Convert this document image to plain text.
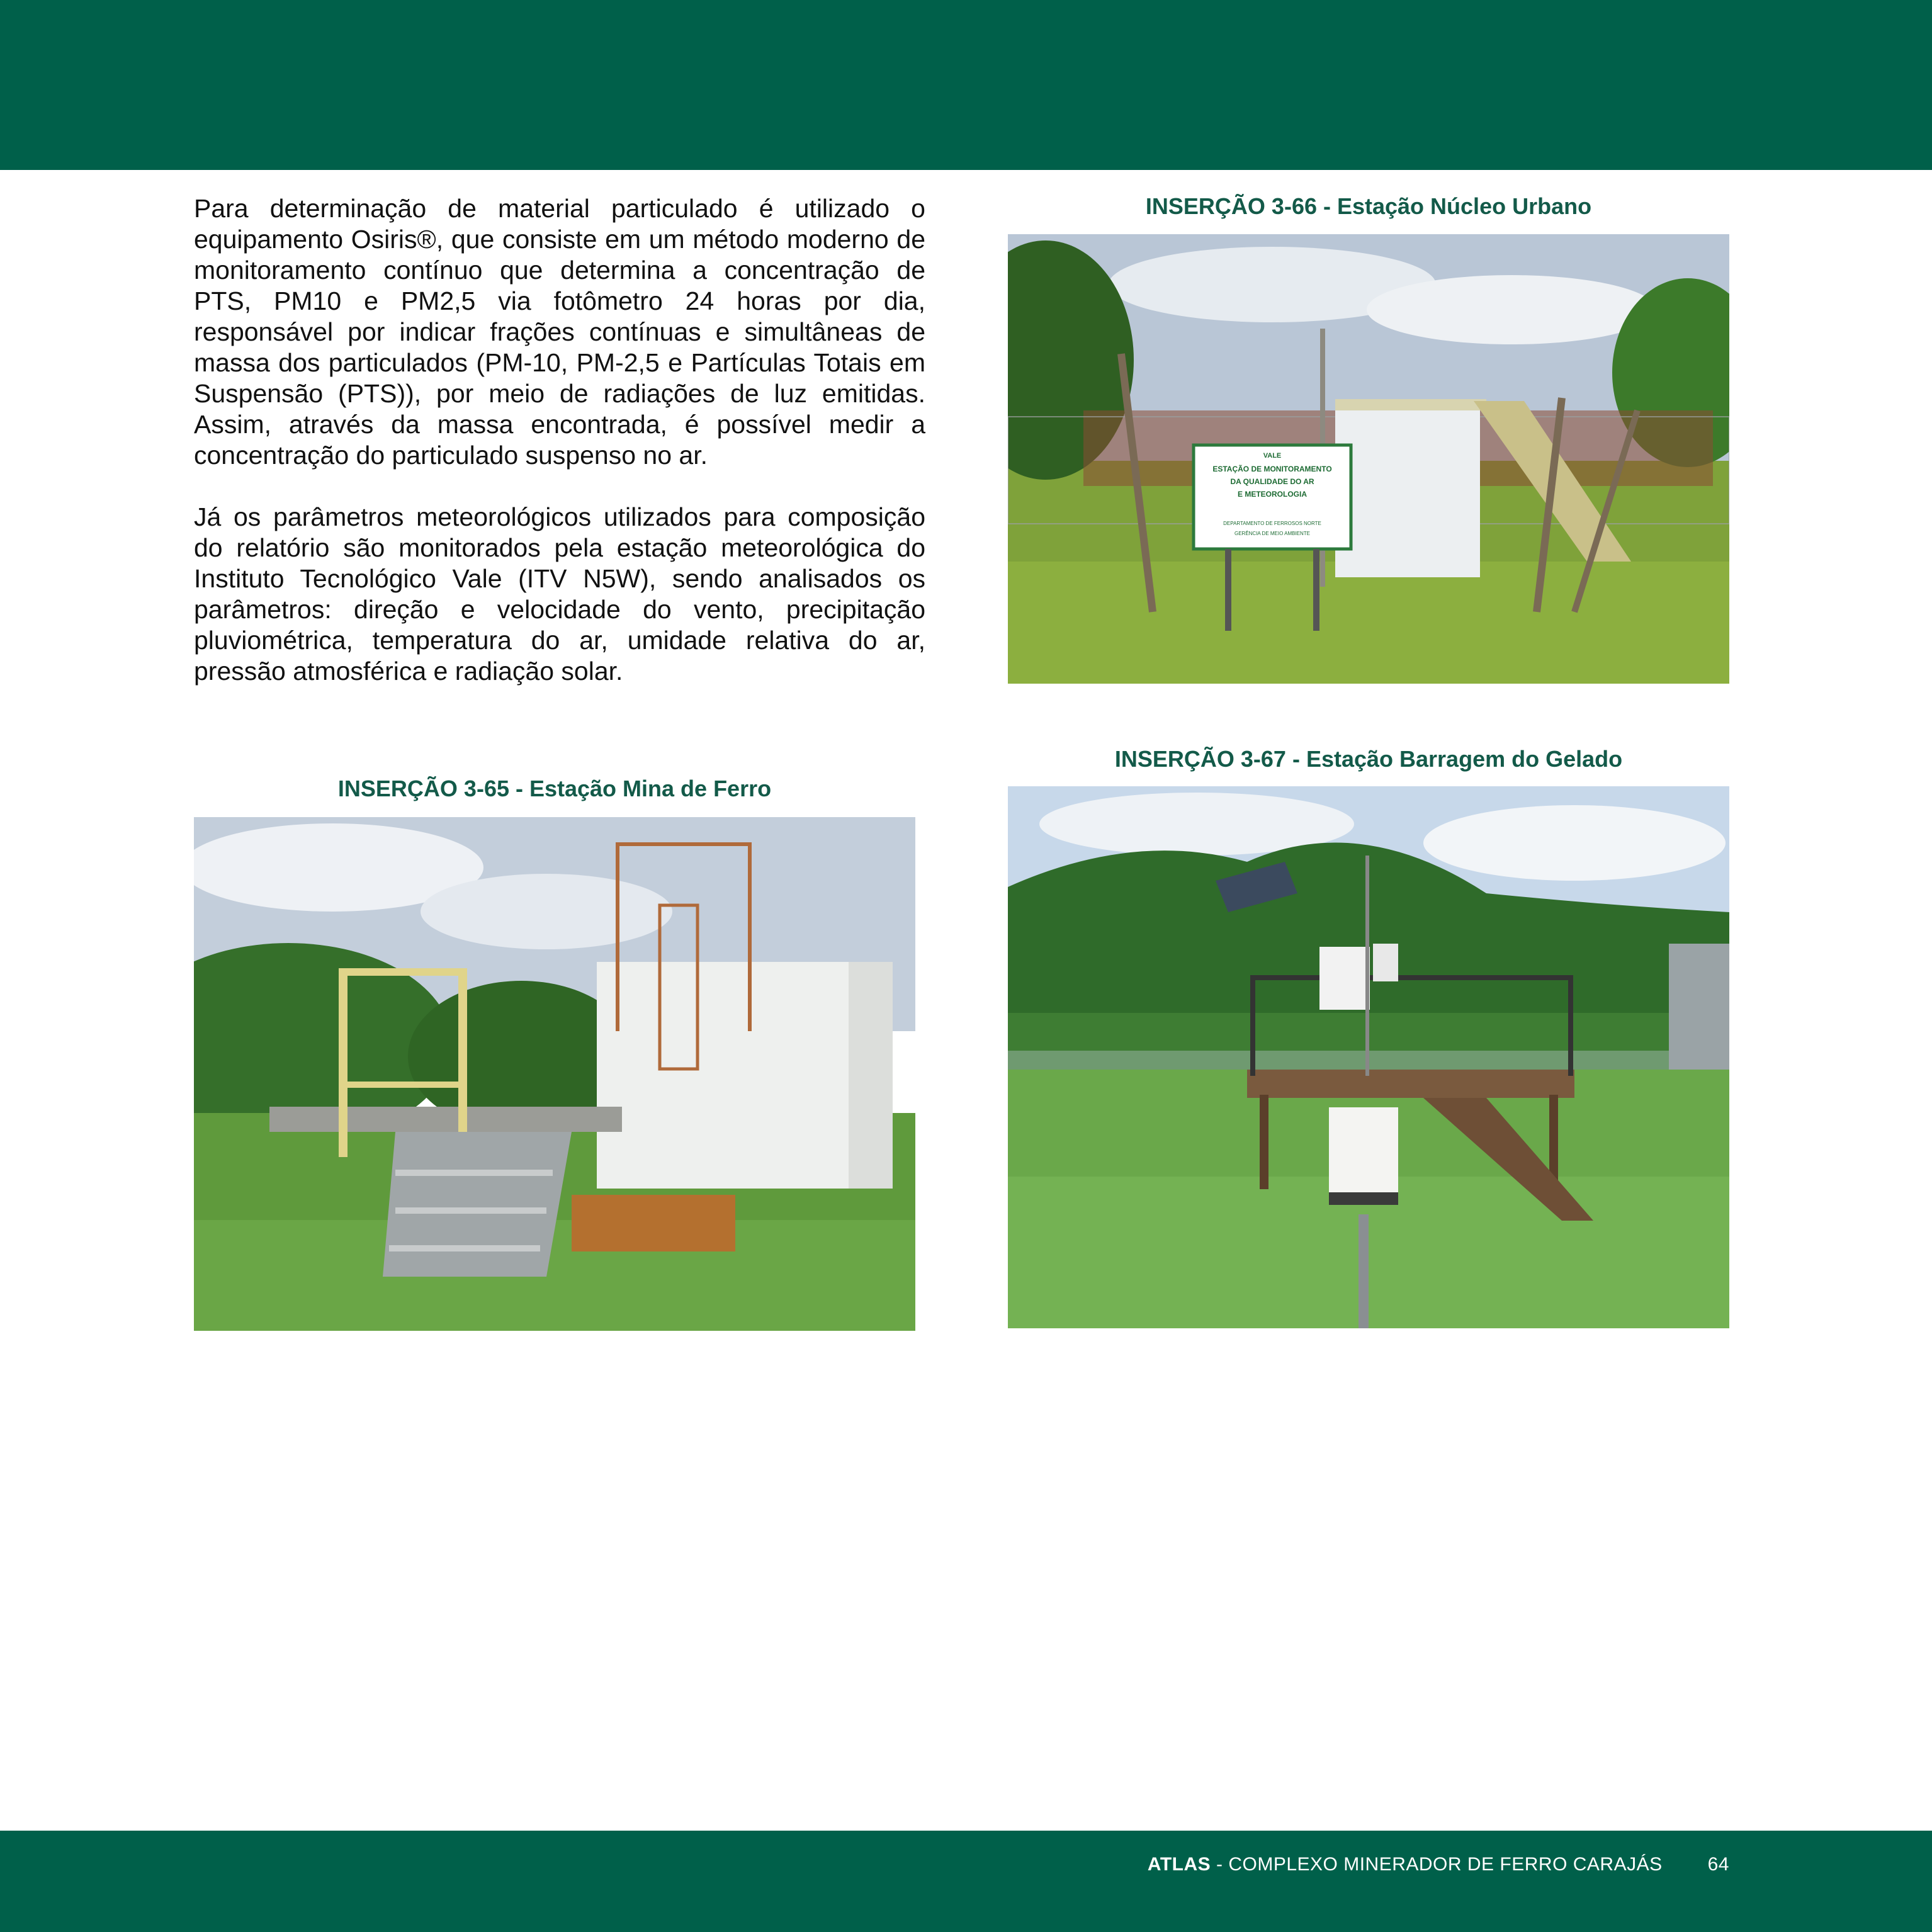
Para determinação de material particulado é utilizado o equipamento Osiris®, que consiste em um método moderno de monitoramento contínuo que determina a concentração de PTS, PM10 e PM2,5 via fotômetro 24 horas por dia, responsável por indicar frações contínuas e simultâneas de massa dos particulados (PM-10, PM-2,5 e Partículas Totais em Suspensão (PTS)), por meio de radiações de luz emitidas. Assim, através da massa encontrada, é possível medir a concentração do particulado suspenso no ar.

Já os parâmetros meteorológicos utilizados para composição do relatório são monitorados pela estação meteorológica do Instituto Tecnológico Vale (ITV N5W), sendo analisados os parâmetros: direção e velocidade do vento, precipitação pluviométrica, temperatura do ar, umidade relativa do ar, pressão atmosférica e radiação solar.

INSERÇÃO 3-66 - Estação Núcleo Urbano

VALE
ESTAÇÃO DE MONITORAMENTO
DA QUALIDADE DO AR
E METEOROLOGIA
DEPARTAMENTO DE FERROSOS NORTE
GERÊNCIA DE MEIO AMBIENTE

INSERÇÃO 3-67 - Estação Barragem do Gelado

INSERÇÃO 3-65 - Estação Mina de Ferro

ATLAS - COMPLEXO MINERADOR DE FERRO CARAJÁS 64
